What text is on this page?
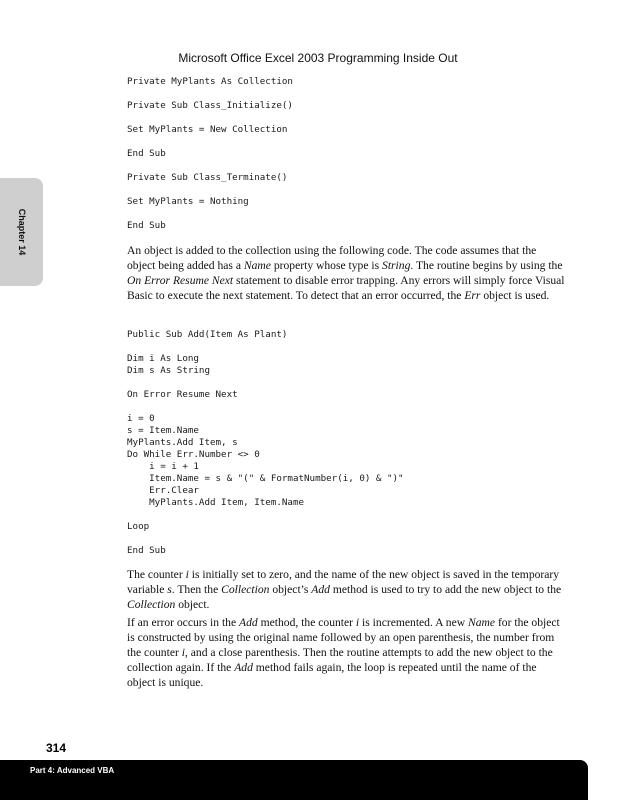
Microsoft Office Excel 2003 Programming Inside Out
Chapter 14
Private MyPlants As Collection
Private Sub Class_Initialize()
Set MyPlants = New Collection
End Sub
Private Sub Class_Terminate()
Set MyPlants = Nothing
End Sub

An object is added to the collection using the following code. The code assumes that the object being added has a Name property whose type is String. The routine begins by using the On Error Resume Next statement to disable error trapping. Any errors will simply force Visual Basic to execute the next statement. To detect that an error occurred, the Err object is used.

Public Sub Add(Item As Plant)
Dim i As Long
Dim s As String
On Error Resume Next
i = 0
s = Item.Name
MyPlants.Add Item, s
Do While Err.Number <> 0
i = i + 1
Item.Name = s & "(" & FormatNumber(i, 0) & ")"
Err.Clear
MyPlants.Add Item, Item.Name
Loop
End Sub

The counter i is initially set to zero, and the name of the new object is saved in the temporary variable s. Then the Collection object’s Add method is used to try to add the new object to the Collection object.

If an error occurs in the Add method, the counter i is incremented. A new Name for the object is constructed by using the original name followed by an open parenthesis, the number from the counter i, and a close parenthesis. Then the routine attempts to add the new object to the collection again. If the Add method fails again, the loop is repeated until the name of the object is unique.

314
Part 4: Advanced VBA
